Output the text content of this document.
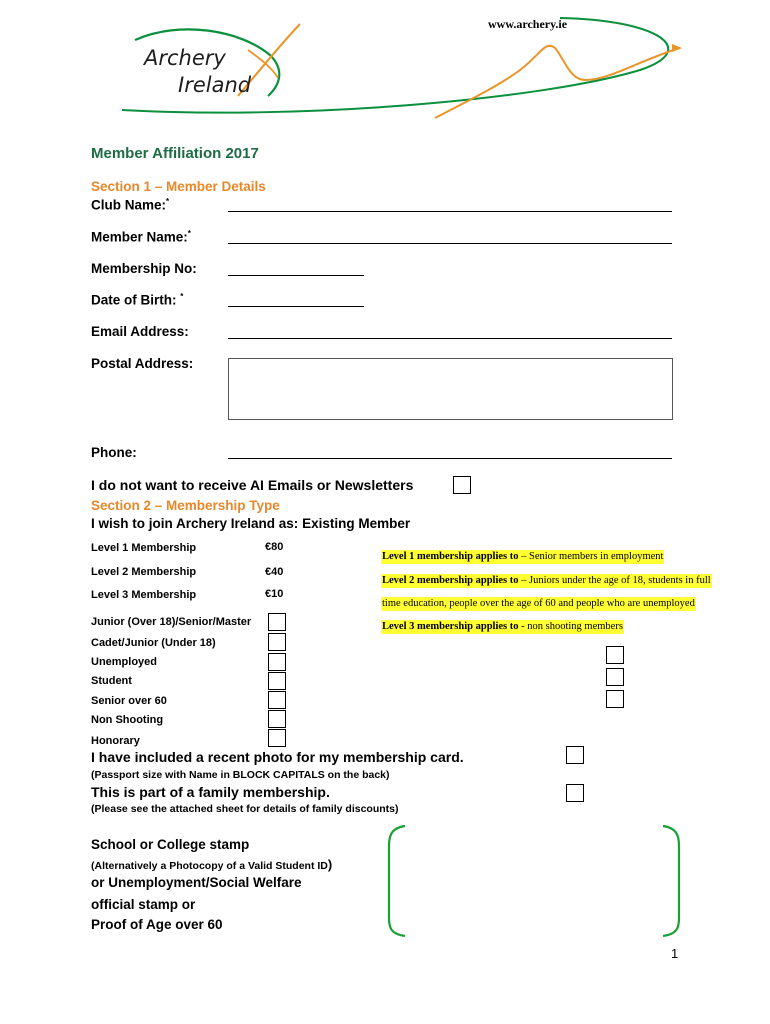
Archery
Ireland
www.archery.ie
Member Affiliation 2017
Section 1 – Member Details
Club Name:*
Member Name:*
Membership No:
Date of Birth: *
Email Address:
Postal Address:
Phone:
I do not want to receive AI Emails or Newsletters
Section 2 – Membership Type
I wish to join Archery Ireland as: Existing Member
Level 1 Membership	€80
Level 2 Membership	€40
Level 3 Membership	€10
Level 1 membership applies to – Senior members in employment
Level 2 membership applies to – Juniors under the age of 18, students in full
time education, people over the age of 60 and people who are unemployed
Level 3 membership applies to - non shooting members
Junior (Over 18)/Senior/Master
Cadet/Junior (Under 18)
Unemployed
Student
Senior over 60
Non Shooting
Honorary
I have included a recent photo for my membership card.
(Passport size with Name in BLOCK CAPITALS on the back)
This is part of a family membership.
(Please see the attached sheet for details of family discounts)
School or College stamp
(Alternatively a Photocopy of a Valid Student ID)
or Unemployment/Social Welfare
official stamp or
Proof of Age over 60
1
